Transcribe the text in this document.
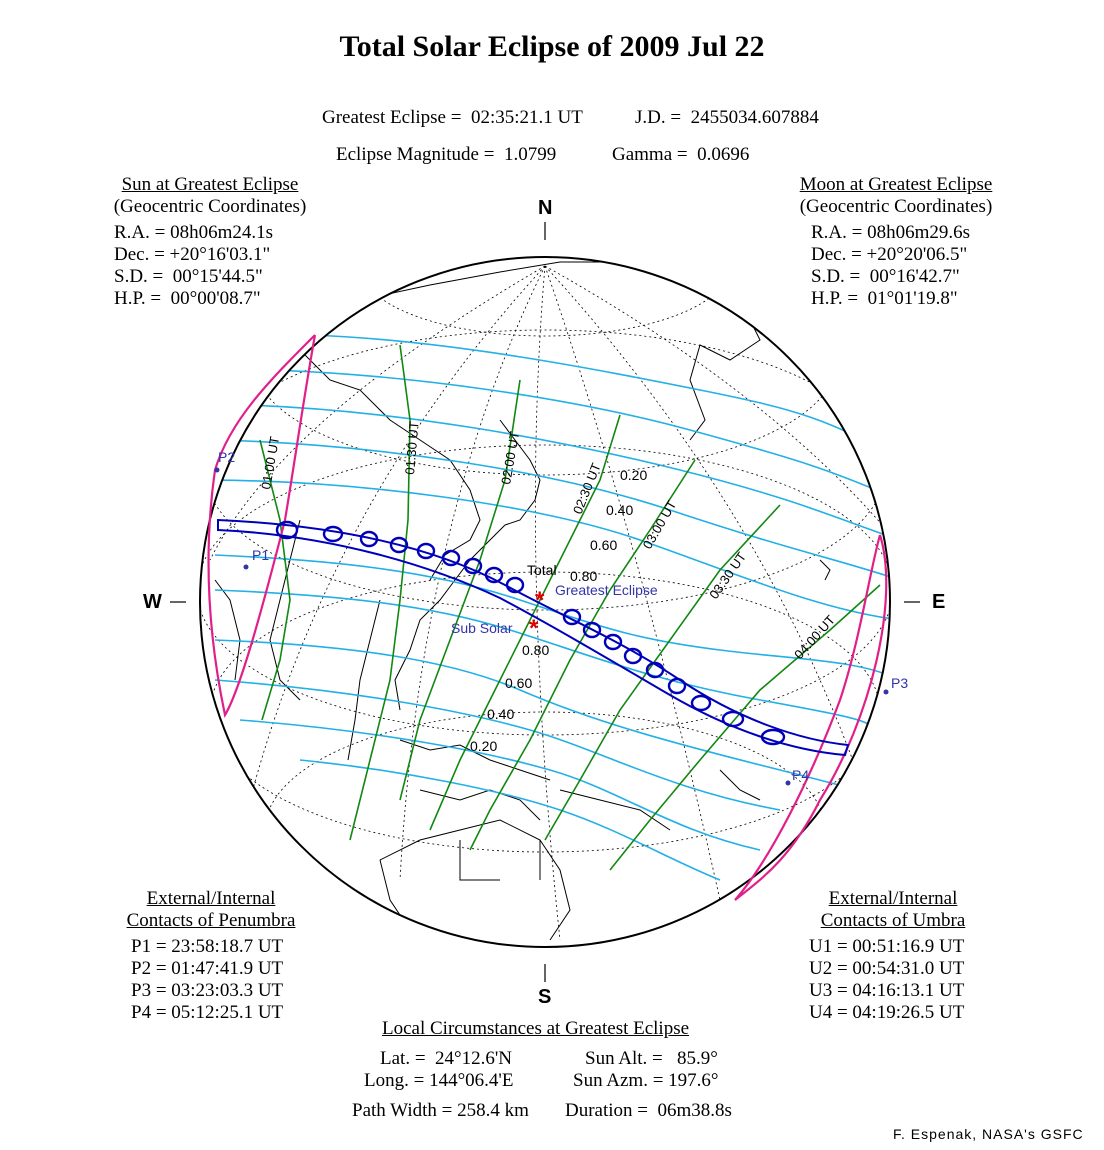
Total Solar Eclipse of 2009 Jul 22
Greatest Eclipse =  02:35:21.1 UT	J.D. =  2455034.607884
Eclipse Magnitude =  1.0799	Gamma =  0.0696
Sun at Greatest Eclipse
(Geocentric Coordinates)
R.A. = 08h06m24.1s
Dec. = +20°16'03.1"
S.D. =  00°15'44.5"
H.P. =  00°00'08.7"
Moon at Greatest Eclipse
(Geocentric Coordinates)
R.A. = 08h06m29.6s
Dec. = +20°20'06.5"
S.D. =  00°16'42.7"
H.P. =  01°01'19.8"
External/Internal
Contacts of Penumbra
P1 = 23:58:18.7 UT
P2 = 01:47:41.9 UT
P3 = 03:23:03.3 UT
P4 = 05:12:25.1 UT
External/Internal
Contacts of Umbra
U1 = 00:51:16.9 UT
U2 = 00:54:31.0 UT
U3 = 04:16:13.1 UT
U4 = 04:19:26.5 UT
Local Circumstances at Greatest Eclipse
Lat. =  24°12.6'N
Long. = 144°06.4'E
Sun Alt. =   85.9°
Sun Azm. = 197.6°
Path Width = 258.4 km Duration =  06m38.8s
F. Espenak, NASA's GSFC
N
S
W	E
*
*
P2
P1
P3
P4
Total
Greatest Eclipse
Sub Solar
0.20
0.40
0.60
0.80
0.80
0.60
0.40
0.20
01:00 UT	01:30 UT	02:00 UT
02:30 UT
03:00 UT
03:30 UT
04:00 UT
